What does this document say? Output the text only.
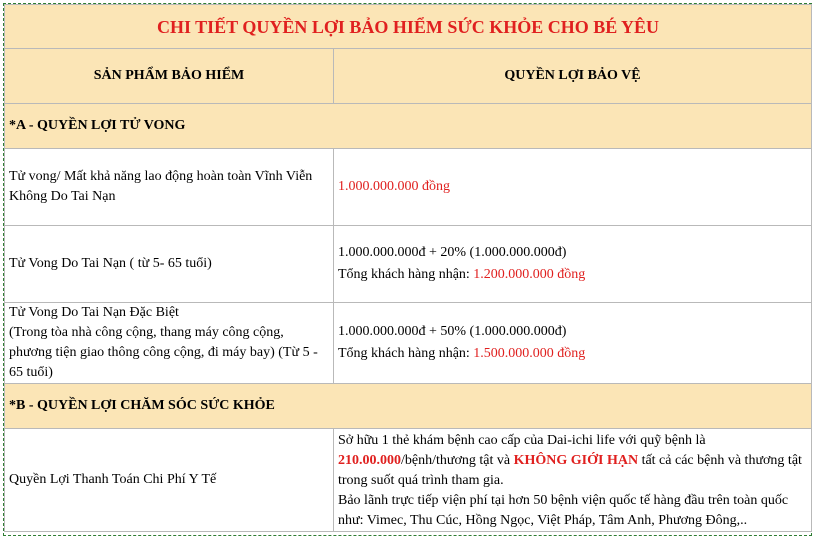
CHI TIẾT QUYỀN LỢI BẢO HIỂM SỨC KHỎE CHO BÉ YÊU	
SẢN PHẨM BẢO HIỂM	QUYỀN LỢI BẢO VỆ
*A - QUYỀN LỢI TỬ VONG	
Tử vong/ Mất khả năng lao động hoàn toàn Vĩnh Viễn Không Do Tai Nạn	1.000.000.000 đồng
Tử Vong Do Tai Nạn ( từ 5- 65 tuổi)	1.000.000.000đ + 20% (1.000.000.000đ)
Tổng khách hàng nhận: 1.200.000.000 đồng

Tử Vong Do Tai Nạn Đặc Biệt
(Trong tòa nhà công cộng, thang máy công cộng, phương tiện giao thông công cộng, đi máy bay) (Từ 5 - 65 tuổi)	1.000.000.000đ + 50% (1.000.000.000đ)
Tổng khách hàng nhận: 1.500.000.000 đồng

*B - QUYỀN LỢI CHĂM SÓC SỨC KHỎE	
Quyền Lợi Thanh Toán Chi Phí Y Tế	Sở hữu 1 thẻ khám bệnh cao cấp của Dai-ichi life với quỹ bệnh là 210.00.000/bệnh/thương tật và KHÔNG GIỚI HẠN tất cả các bệnh và thương tật trong suốt quá trình tham gia.
Bảo lãnh trực tiếp viện phí tại hơn 50 bệnh viện quốc tế hàng đầu trên toàn quốc như: Vimec, Thu Cúc, Hồng Ngọc, Việt Pháp, Tâm Anh, Phương Đông,..
